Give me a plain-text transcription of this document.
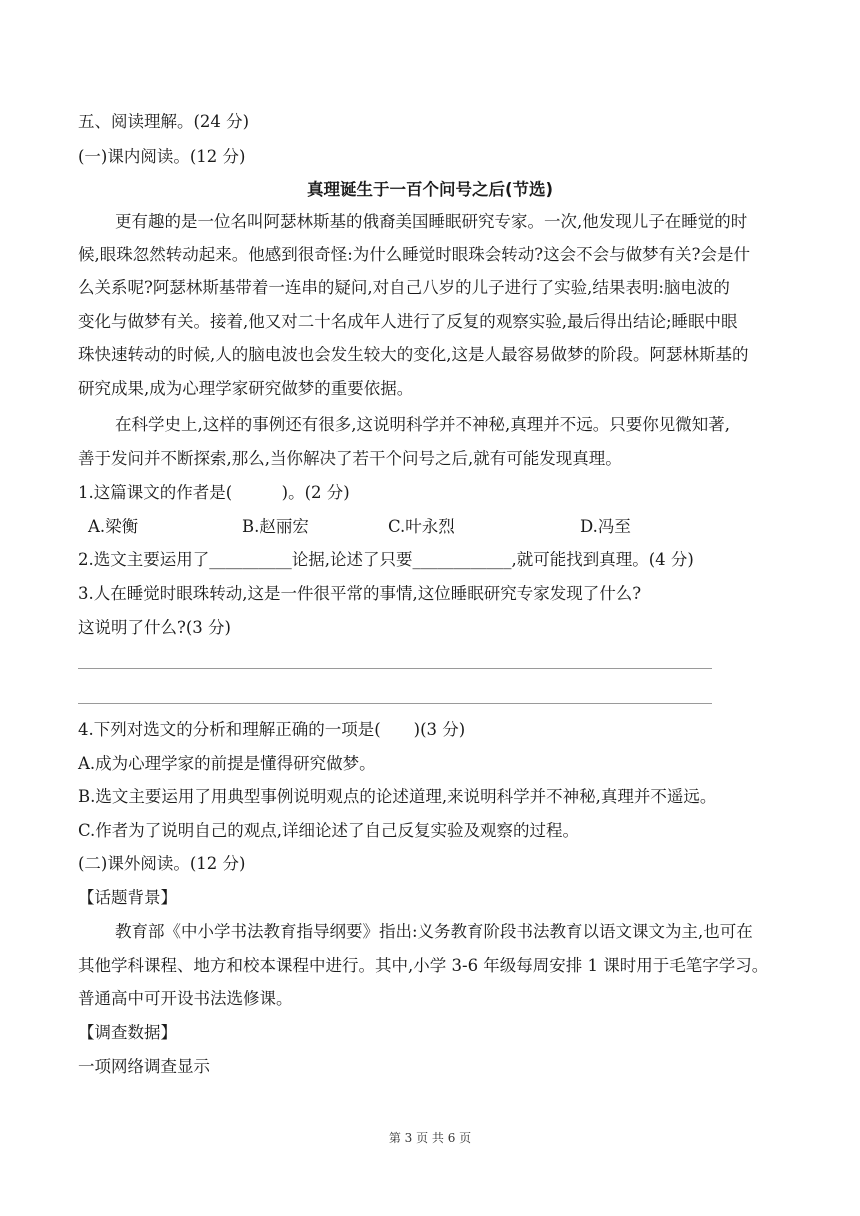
五、阅读理解。(24 分)
(一)课内阅读。(12 分)
真理诞生于一百个问号之后(节选)
更有趣的是一位名叫阿瑟林斯基的俄裔美国睡眠研究专家。一次,他发现儿子在睡觉的时
候,眼珠忽然转动起来。他感到很奇怪:为什么睡觉时眼珠会转动?这会不会与做梦有关?会是什
么关系呢?阿瑟林斯基带着一连串的疑问,对自己八岁的儿子进行了实验,结果表明:脑电波的
变化与做梦有关。接着,他又对二十名成年人进行了反复的观察实验,最后得出结论;睡眠中眼
珠快速转动的时候,人的脑电波也会发生较大的变化,这是人最容易做梦的阶段。阿瑟林斯基的
研究成果,成为心理学家研究做梦的重要依据。
在科学史上,这样的事例还有很多,这说明科学并不神秘,真理并不远。只要你见微知著,
善于发问并不断探索,那么,当你解决了若干个问号之后,就有可能发现真理。
1.这篇课文的作者是(　　　)。(2 分)
A.梁衡	B.赵丽宏	C.叶永烈	D.冯至
2.选文主要运用了__________论据,论述了只要____________,就可能找到真理。(4 分)
3.人在睡觉时眼珠转动,这是一件很平常的事情,这位睡眠研究专家发现了什么?
这说明了什么?(3 分)
4.下列对选文的分析和理解正确的一项是(　　)(3 分)
A.成为心理学家的前提是懂得研究做梦。
B.选文主要运用了用典型事例说明观点的论述道理,来说明科学并不神秘,真理并不遥远。
C.作者为了说明自己的观点,详细论述了自己反复实验及观察的过程。
(二)课外阅读。(12 分)
【话题背景】
教育部《中小学书法教育指导纲要》指出:义务教育阶段书法教育以语文课文为主,也可在
其他学科课程、地方和校本课程中进行。其中,小学 3-6 年级每周安排 1 课时用于毛笔字学习。
普通高中可开设书法选修课。
【调查数据】
一项网络调查显示
第 3 页 共 6 页
